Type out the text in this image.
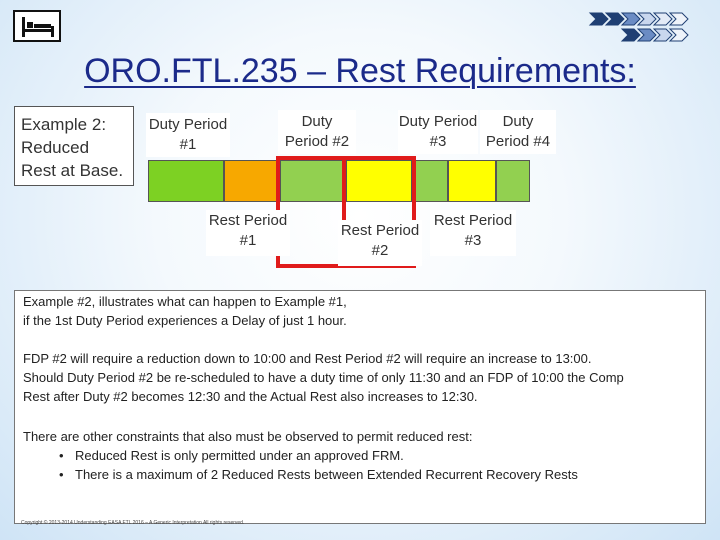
ORO.FTL.235 – Rest Requirements:
Example 2: Reduced Rest at Base.
Duty Period #1
Duty Period #2
Duty Period #3
Duty Period #4
Rest Period #1
Rest Period #2
Rest Period #3
Example #2, illustrates what can happen to Example #1,
if the 1st Duty Period experiences a Delay of just 1 hour.
FDP #2 will require a reduction down to 10:00 and Rest Period #2 will require an increase to 13:00.
Should Duty Period #2 be re-scheduled to have a duty time of only 11:30 and an FDP of 10:00 the Comp
Rest after Duty #2 becomes 12:30 and the Actual Rest also increases to 12:30.
There are other constraints that also must be observed to permit reduced rest:
• Reduced Rest is only permitted under an approved FRM.
• There is a maximum of 2 Reduced Rests between Extended Recurrent Recovery Rests
Copyright © 2013-2014 Understanding EASA FTL 2016 – A Generic Interpretation All rights reserved.
